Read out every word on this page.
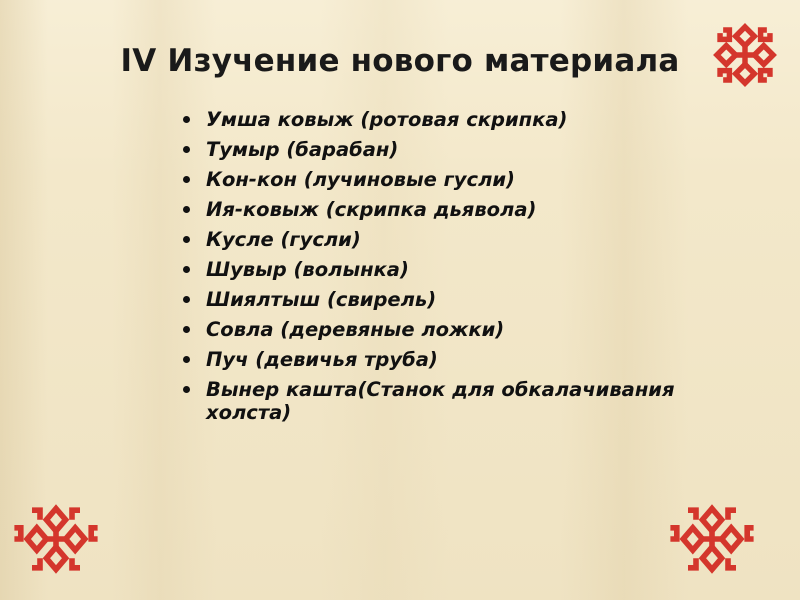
IV Изучение нового материала
Умша ковыж (ротовая скрипка)
Тумыр (барабан)
Кон-кон (лучиновые гусли)
Ия-ковыж (скрипка дьявола)
Кусле (гусли)
Шувыр (волынка)
Шиялтыш (свирель)
Совла (деревяные ложки)
Пуч (девичья труба)
Вынер кашта(Станок для обкалачивания холста)
